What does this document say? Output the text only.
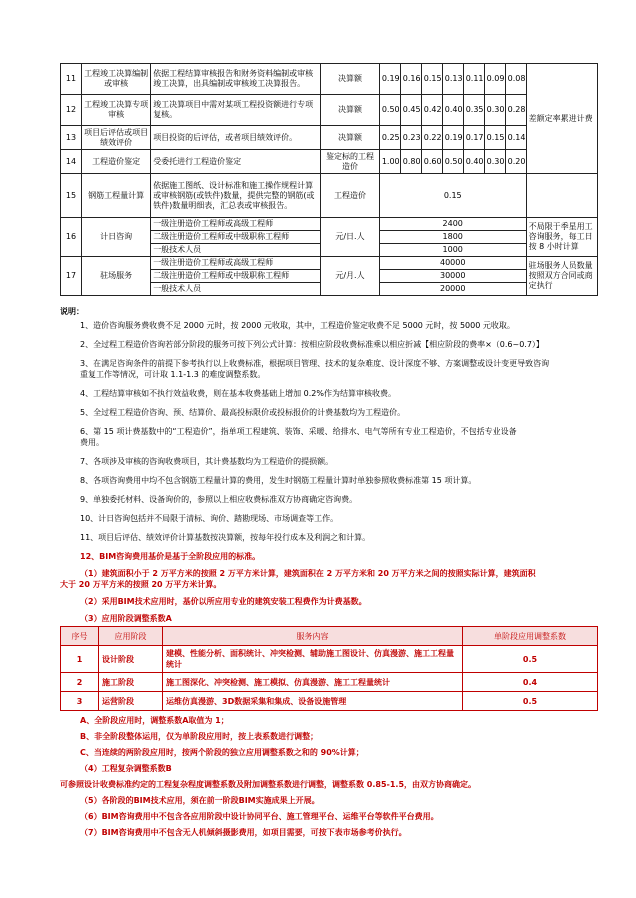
11	工程竣工决算编制或审核	依据工程结算审核报告和财务资料编制或审核竣工决算，出具编制或审核竣工决算报告。	决算额	0.19	0.16	0.15	0.13	0.11	0.09	0.08	差额定率累进计费
12	工程竣工决算专项审核	竣工决算项目中需对某项工程投资额进行专项复核。	决算额	0.50	0.45	0.42	0.40	0.35	0.30	0.28	
13	项目后评估或项目绩效评价	项目投资的后评估，或者项目绩效评价。	决算额	0.25	0.23	0.22	0.19	0.17	0.15	0.14	
14	工程造价鉴定	受委托进行工程造价鉴定	鉴定标的工程造价	1.00	0.80	0.60	0.50	0.40	0.30	0.20	
15	钢筋工程量计算	依据施工图纸、设计标准和施工操作规程计算或审核钢筋(或铁件)数量，提供完整的钢筋(或铁件)数量明细表，汇总表或审核报告。	工程造价	0.15							
16	计日咨询	一级注册造价工程师或高级工程师	元/日.人	2400							不局限于季星用工咨询服务，每工日按 8 小时计算
		二级注册造价工程师或中级职称工程师		1800							
		一般技术人员		1000							
17	驻场服务	一级注册造价工程师或高级工程师	元/月.人	40000							驻场服务人员数量按照双方合同或商定执行
		二级注册造价工程师或中级职称工程师		30000							
		一般技术人员		20000							

说明：

1、造价咨询服务费收费不足 2000 元时，按 2000 元收取，其中，工程造价鉴定收费不足 5000 元时，按 5000 元收取。

2、全过程工程造价咨询若部分阶段的服务可按下列公式计算：按相应阶段收费标准乘以相应折减【相应阶段的费率×（0.6~0.7）】

3、在满足咨询条件的前提下参考执行以上收费标准，根据项目管理、技术的复杂难度、设计深度不够、方案调整或设计变更导致咨询

重复工作等情况，可计取 1.1-1.3 的难度调整系数。

4、工程结算审核如不执行效益收费，则在基本收费基础上增加 0.2%作为结算审核收费。

5、全过程工程造价咨询、预、结算价、最高投标限价或投标报价的计费基数均为工程造价。

6、第 15 项计费基数中的“工程造价”，指单项工程建筑、装饰、采暖、给排水、电气等所有专业工程造价，不包括专业设备

费用。

7、各项涉及审核的咨询收费项目，其计费基数均为工程造价的提损额。

8、各项咨询费用中均不包含钢筋工程量计算的费用，发生时钢筋工程量计算时单独参照收费标准第 15 项计算。

9、单独委托材料、设备询价的，参照以上相应收费标准双方协商确定咨询费。

10、计日咨询包括并不局限于清标、询价、踏勘现场、市场调查等工作。

11、项目后评估、绩效评价计算基数按决算额，按每年投行成本及利润之和计算。

12、BIM咨询费用基价是基于全阶段应用的标准。

（1）建筑面积小于 2 万平方米的按照 2 万平方米计算，建筑面积在 2 万平方米和 20 万平方米之间的按照实际计算，建筑面积

大于 20 万平方米的按照 20 万平方米计算。

（2）采用BIM技术应用时，基价以所应用专业的建筑安装工程费作为计费基数。

（3）应用阶段调整系数A

序号	应用阶段	服务内容	单阶段应用调整系数
1	设计阶段	建模、性能分析、面积统计、冲突检测、辅助施工图设计、仿真漫游、施工工程量统计	0.5
2	施工阶段	施工图深化、冲突检测、施工模拟、仿真漫游、施工工程量统计	0.4
3	运营阶段	运维仿真漫游、3D数据采集和集成、设备设施管理	0.5

A、全阶段应用时，调整系数A取值为 1；

B、非全阶段整体运用，仅为单阶段应用时，按上表系数进行调整；

C、当连续的两阶段应用时，按两个阶段的独立应用调整系数之和的 90%计算；

（4）工程复杂调整系数B

可参照设计收费标准约定的工程复杂程度调整系数及附加调整系数进行调整，调整系数 0.85-1.5，由双方协商确定。

（5）各阶段的BIM技术应用，须在前一阶段BIM实施成果上开展。

（6）BIM咨询费用中不包含各应用阶段中设计协同平台、施工管理平台、运维平台等软件平台费用。

（7）BIM咨询费用中不包含无人机倾斜摄影费用，如项目需要，可按下表市场参考价执行。
